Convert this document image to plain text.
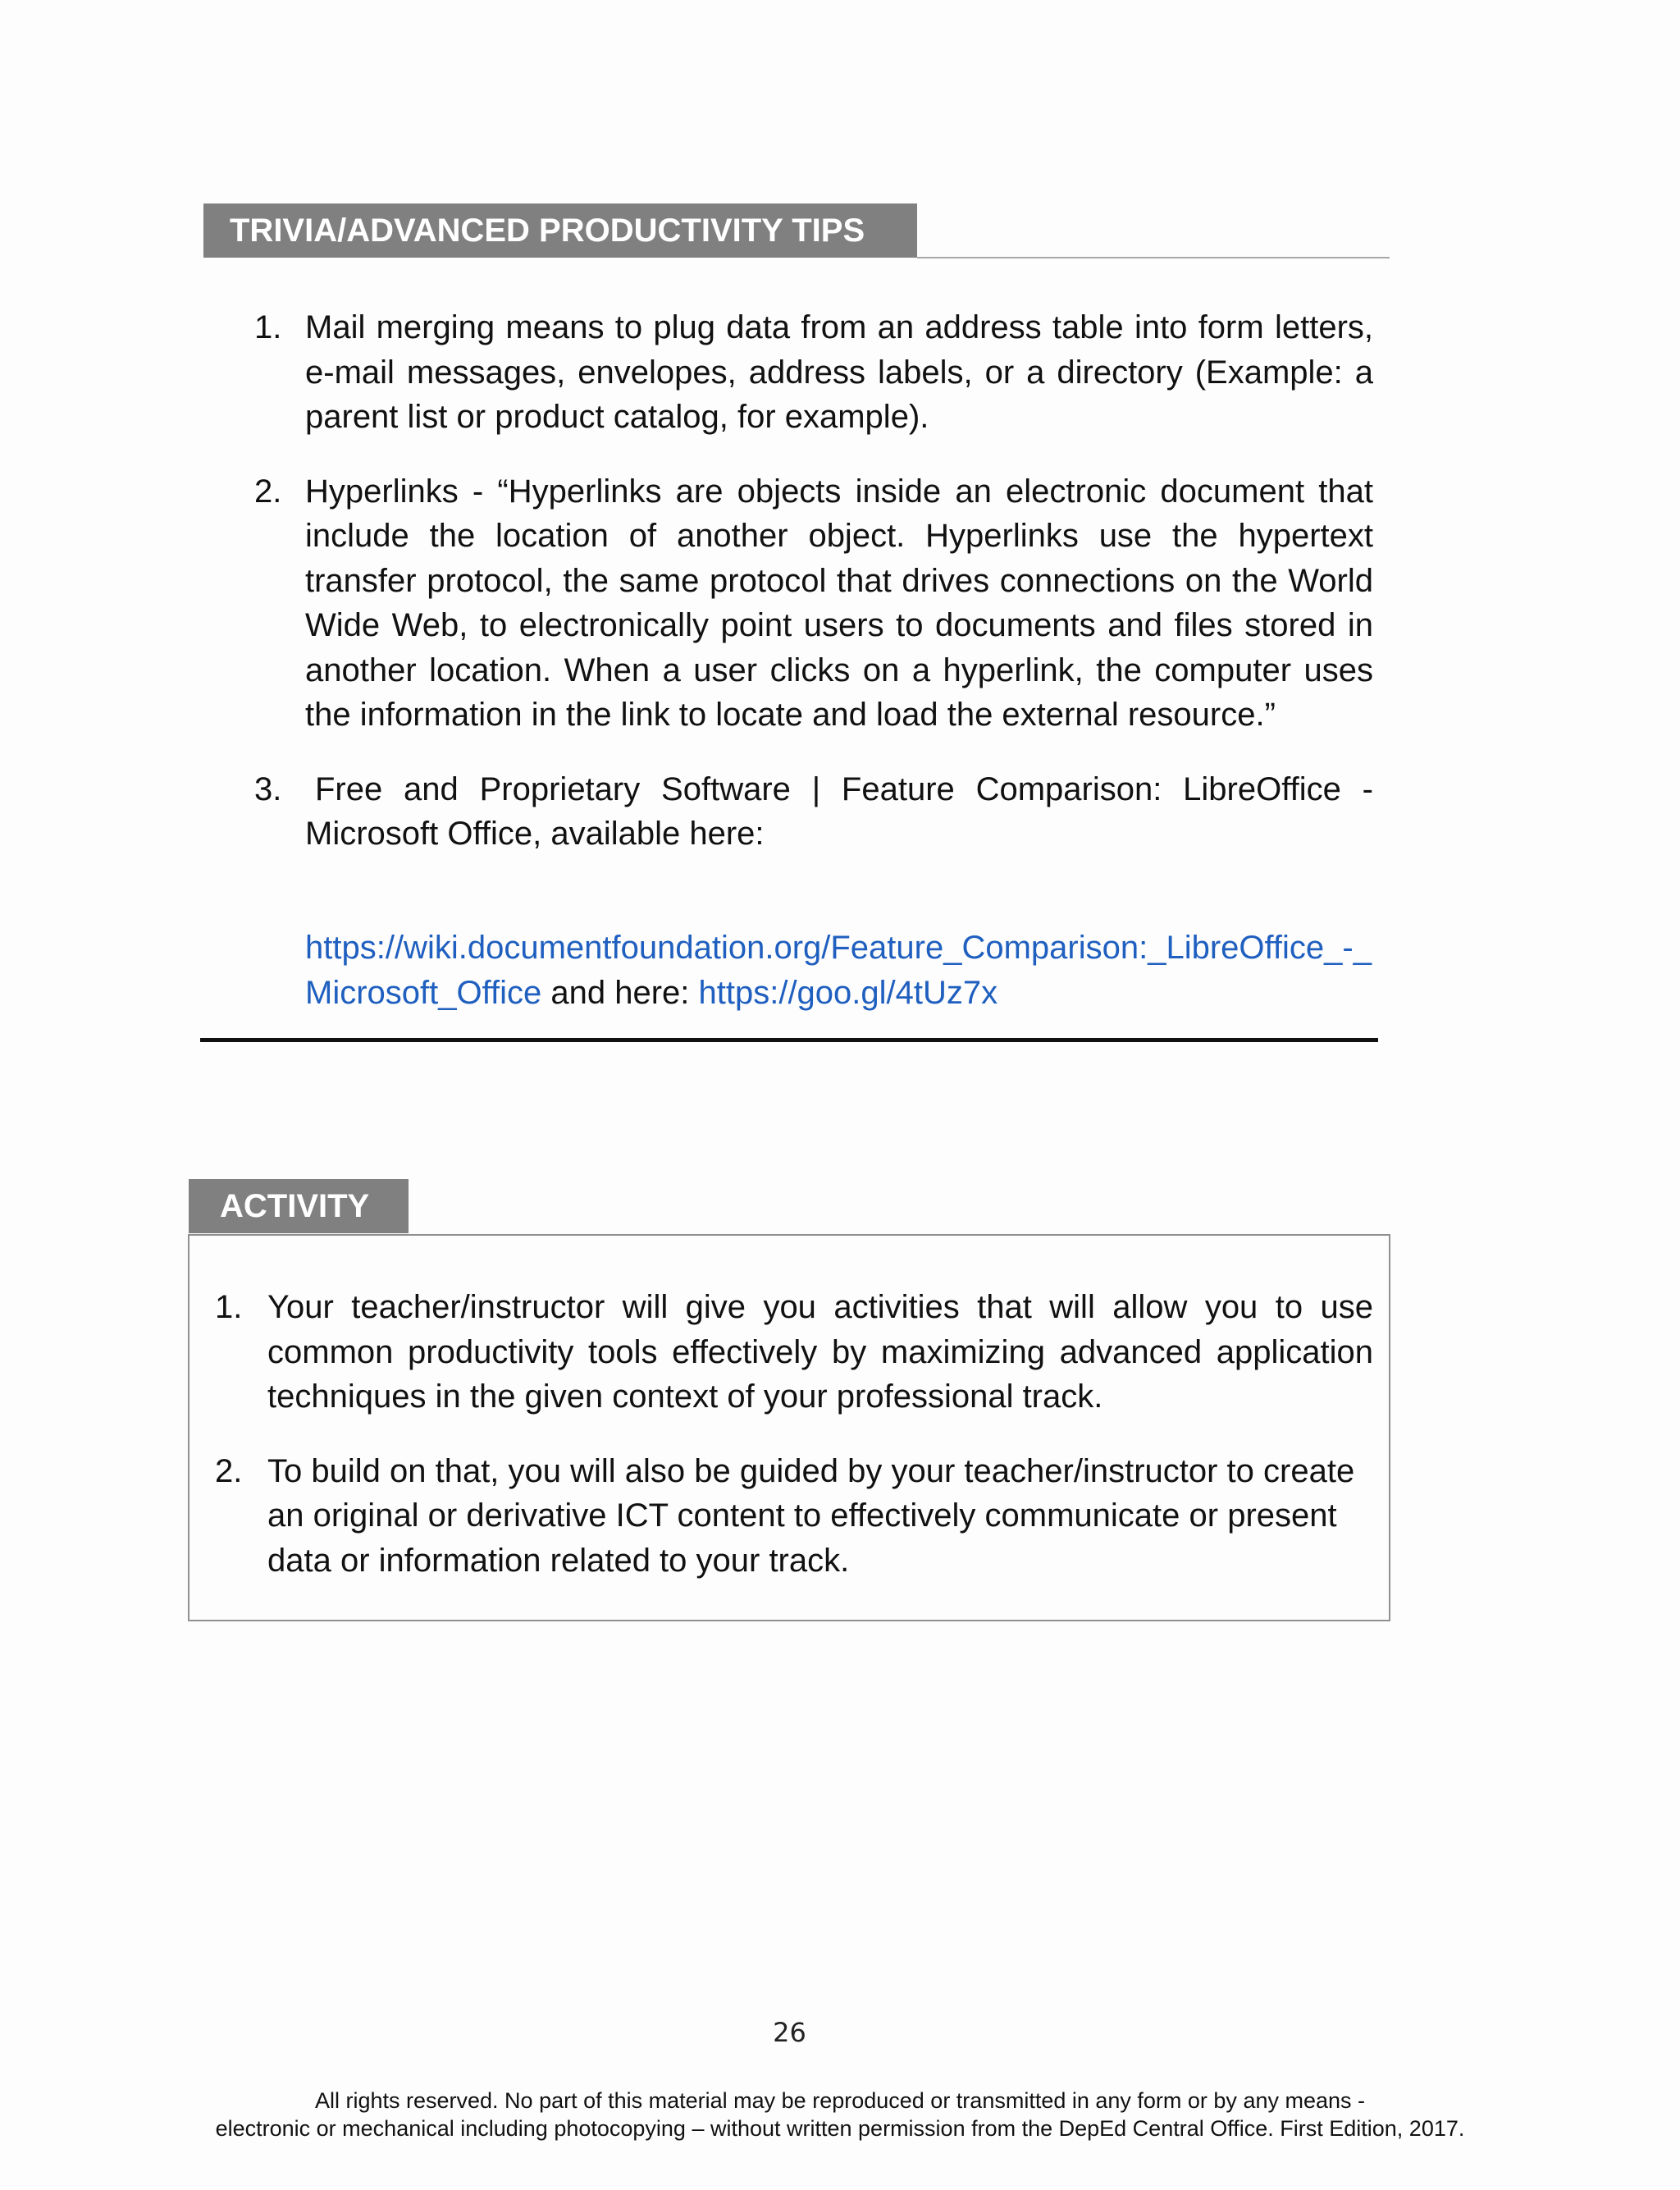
TRIVIA/ADVANCED PRODUCTIVITY TIPS
1. Mail merging means to plug data from an address table into form letters, e-mail messages, envelopes, address labels, or a directory (Example: a parent list or product catalog, for example).
2. Hyperlinks - “Hyperlinks are objects inside an electronic document that include the location of another object. Hyperlinks use the hypertext transfer protocol, the same protocol that drives connections on the World Wide Web, to electronically point users to documents and files stored in another location. When a user clicks on a hyperlink, the computer uses the information in the link to locate and load the external resource.”
3. Free and Proprietary Software | Feature Comparison: LibreOffice - Microsoft Office, available here:
https://wiki.documentfoundation.org/Feature_Comparison:_LibreOffice_-_Microsoft_Office and here: https://goo.gl/4tUz7x
ACTIVITY
1. Your teacher/instructor will give you activities that will allow you to use common productivity tools effectively by maximizing advanced application techniques in the given context of your professional track.
2. To build on that, you will also be guided by your teacher/instructor to create an original or derivative ICT content to effectively communicate or present data or information related to your track.
26
All rights reserved. No part of this material may be reproduced or transmitted in any form or by any means -
electronic or mechanical including photocopying – without written permission from the DepEd Central Office. First Edition, 2017.
